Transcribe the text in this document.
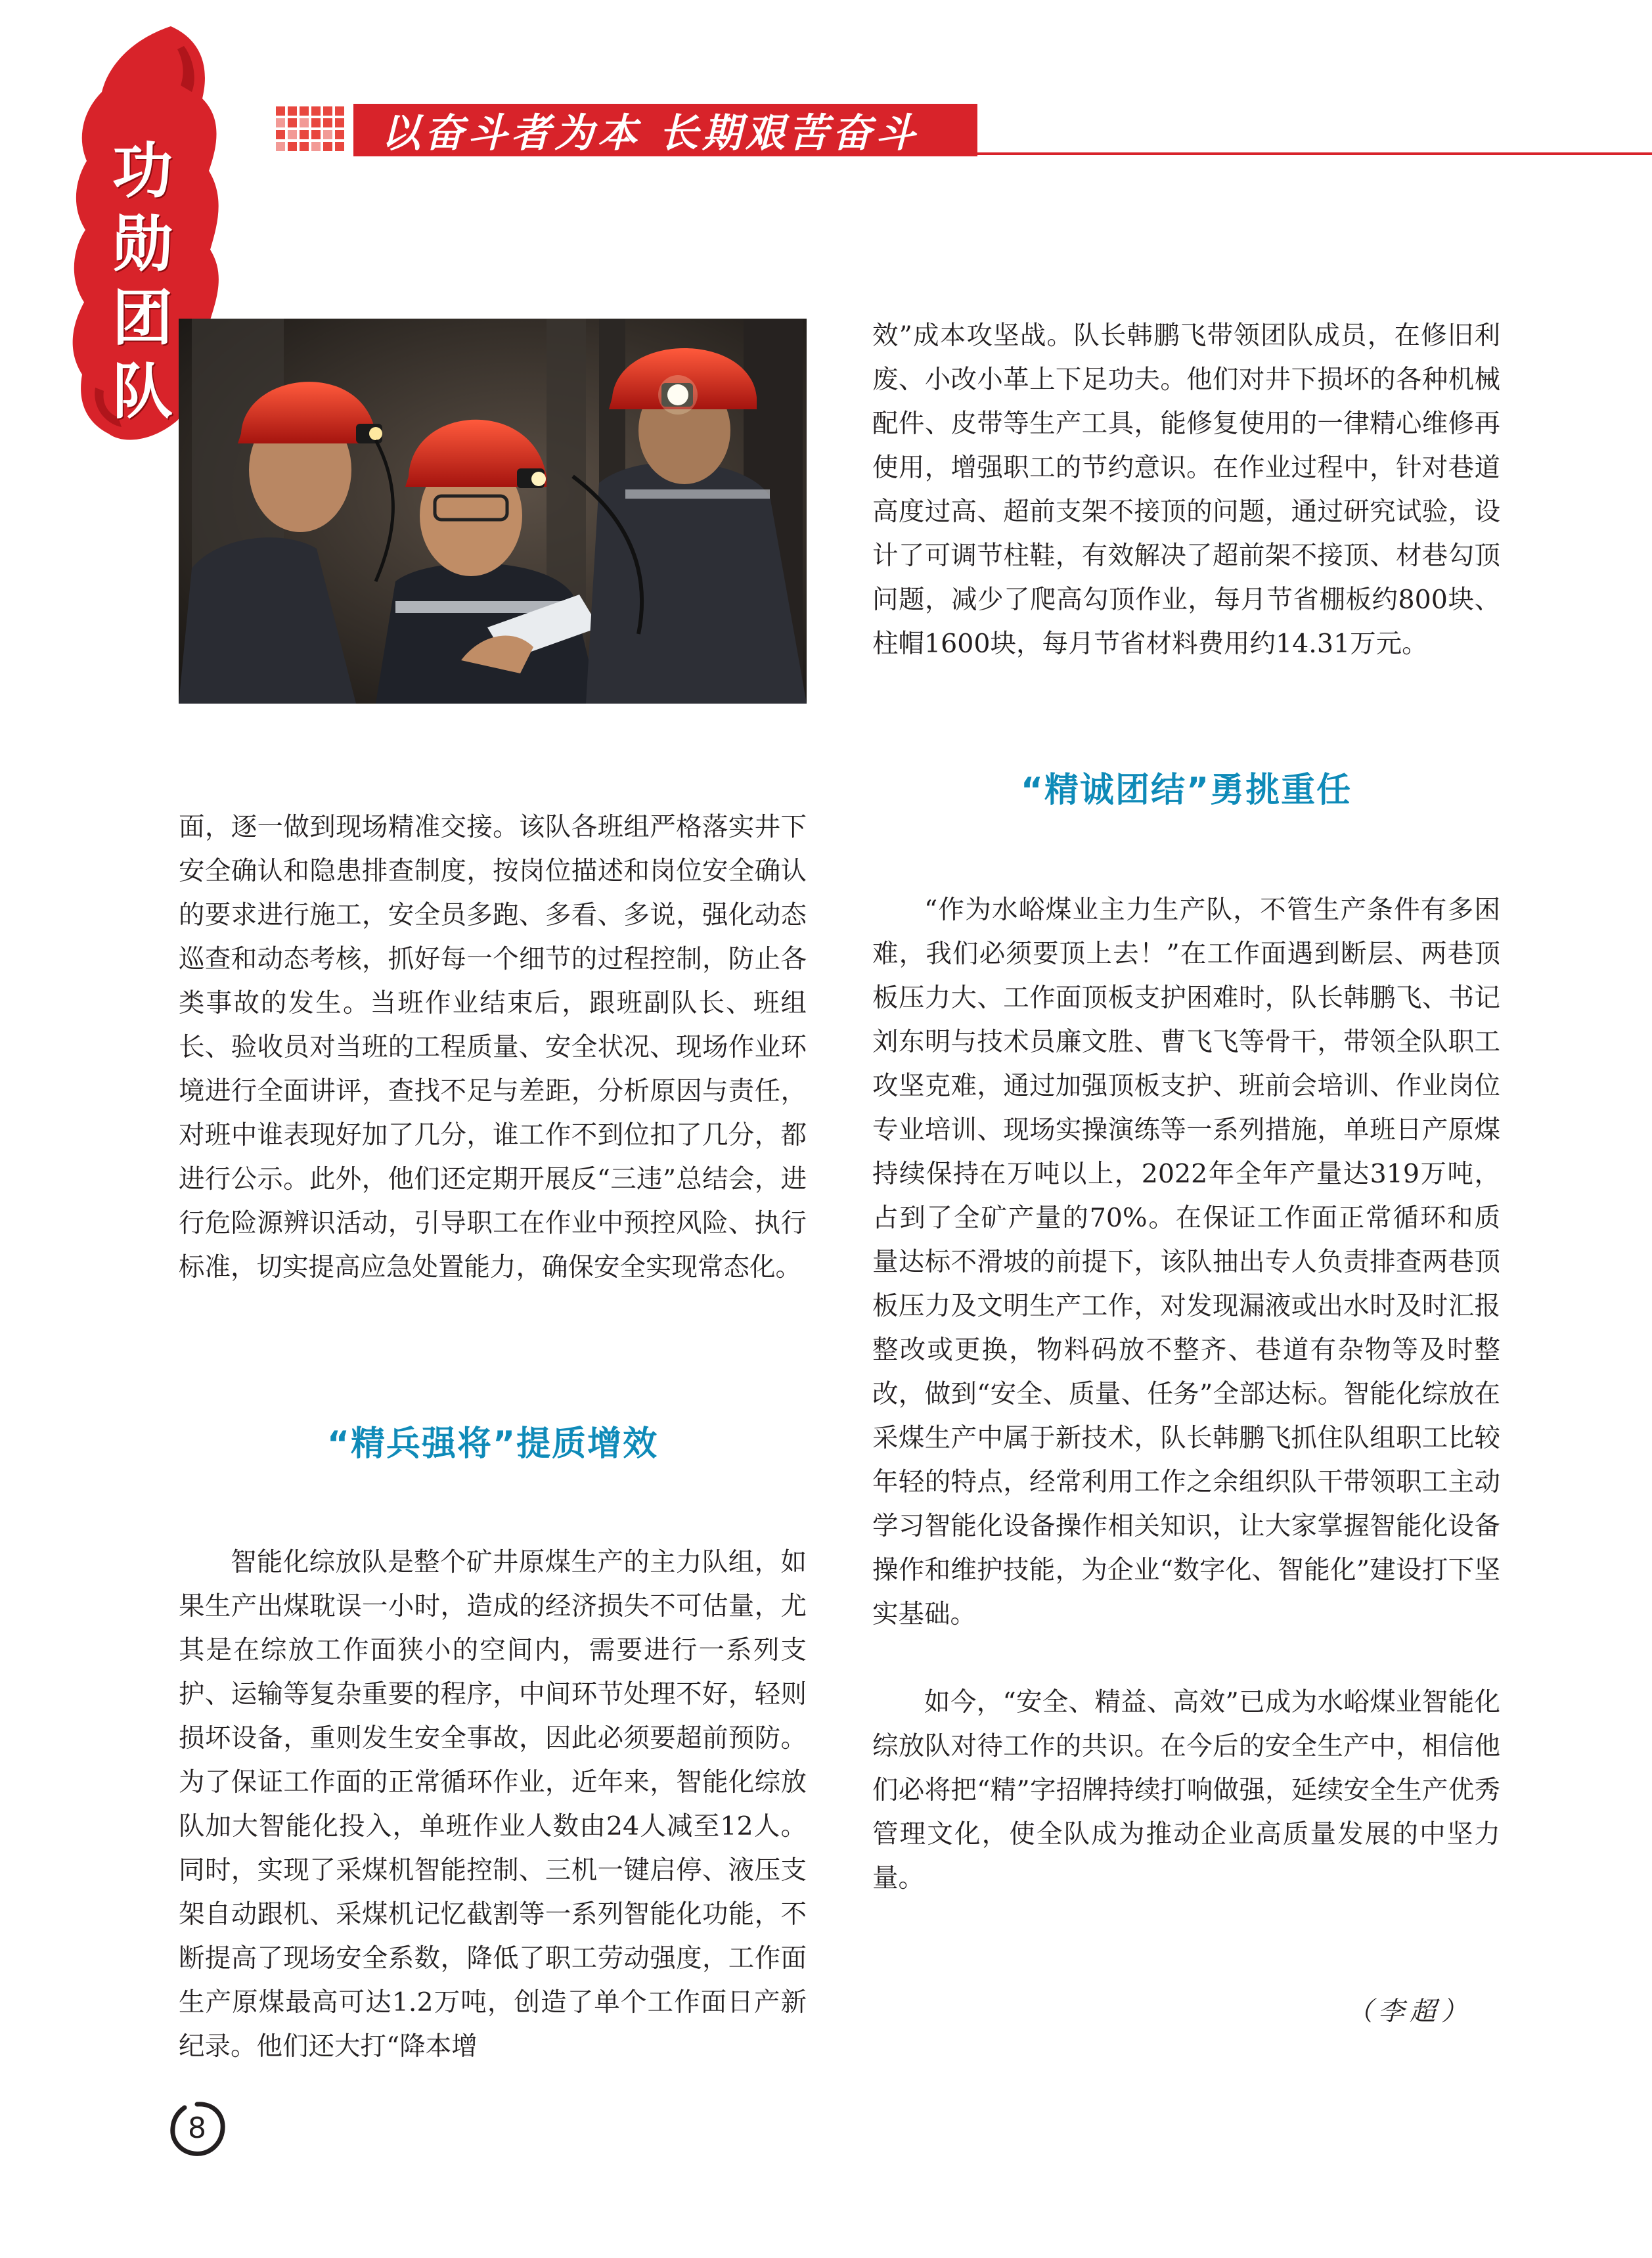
功
勋
团
队
以奋斗者为本 长期艰苦奋斗

效”成本攻坚战。队长韩鹏飞带领团队成员，在修旧利废、小改小革上下足功夫。他们对井下损坏的各种机械配件、皮带等生产工具，能修复使用的一律精心维修再使用，增强职工的节约意识。在作业过程中，针对巷道高度过高、超前支架不接顶的问题，通过研究试验，设计了可调节柱鞋，有效解决了超前架不接顶、材巷勾顶问题，减少了爬高勾顶作业，每月节省棚板约800块、柱帽1600块，每月节省材料费用约14.31万元。

面，逐一做到现场精准交接。该队各班组严格落实井下安全确认和隐患排查制度，按岗位描述和岗位安全确认的要求进行施工，安全员多跑、多看、多说，强化动态巡查和动态考核，抓好每一个细节的过程控制，防止各类事故的发生。当班作业结束后，跟班副队长、班组长、验收员对当班的工程质量、安全状况、现场作业环境进行全面讲评，查找不足与差距，分析原因与责任，对班中谁表现好加了几分，谁工作不到位扣了几分，都进行公示。此外，他们还定期开展反“三违”总结会，进行危险源辨识活动，引导职工在作业中预控风险、执行标准，切实提高应急处置能力，确保安全实现常态化。

“精诚团结”勇挑重任

“作为水峪煤业主力生产队，不管生产条件有多困难，我们必须要顶上去！”在工作面遇到断层、两巷顶板压力大、工作面顶板支护困难时，队长韩鹏飞、书记刘东明与技术员廉文胜、曹飞飞等骨干，带领全队职工攻坚克难，通过加强顶板支护、班前会培训、作业岗位专业培训、现场实操演练等一系列措施，单班日产原煤持续保持在万吨以上，2022年全年产量达319万吨，占到了全矿产量的70%。在保证工作面正常循环和质量达标不滑坡的前提下，该队抽出专人负责排查两巷顶板压力及文明生产工作，对发现漏液或出水时及时汇报整改或更换，物料码放不整齐、巷道有杂物等及时整改，做到“安全、质量、任务”全部达标。智能化综放在采煤生产中属于新技术，队长韩鹏飞抓住队组职工比较年轻的特点，经常利用工作之余组织队干带领职工主动学习智能化设备操作相关知识，让大家掌握智能化设备操作和维护技能，为企业“数字化、智能化”建设打下坚实基础。

如今，“安全、精益、高效”已成为水峪煤业智能化综放队对待工作的共识。在今后的安全生产中，相信他们必将把“精”字招牌持续打响做强，延续安全生产优秀管理文化，使全队成为推动企业高质量发展的中坚力量。

“精兵强将”提质增效

智能化综放队是整个矿井原煤生产的主力队组，如果生产出煤耽误一小时，造成的经济损失不可估量，尤其是在综放工作面狭小的空间内，需要进行一系列支护、运输等复杂重要的程序，中间环节处理不好，轻则损坏设备，重则发生安全事故，因此必须要超前预防。为了保证工作面的正常循环作业，近年来，智能化综放队加大智能化投入，单班作业人数由24人减至12人。同时，实现了采煤机智能控制、三机一键启停、液压支架自动跟机、采煤机记忆截割等一系列智能化功能，不断提高了现场安全系数，降低了职工劳动强度，工作面生产原煤最高可达1.2万吨，创造了单个工作面日产新纪录。他们还大打“降本增

（李超）
8
